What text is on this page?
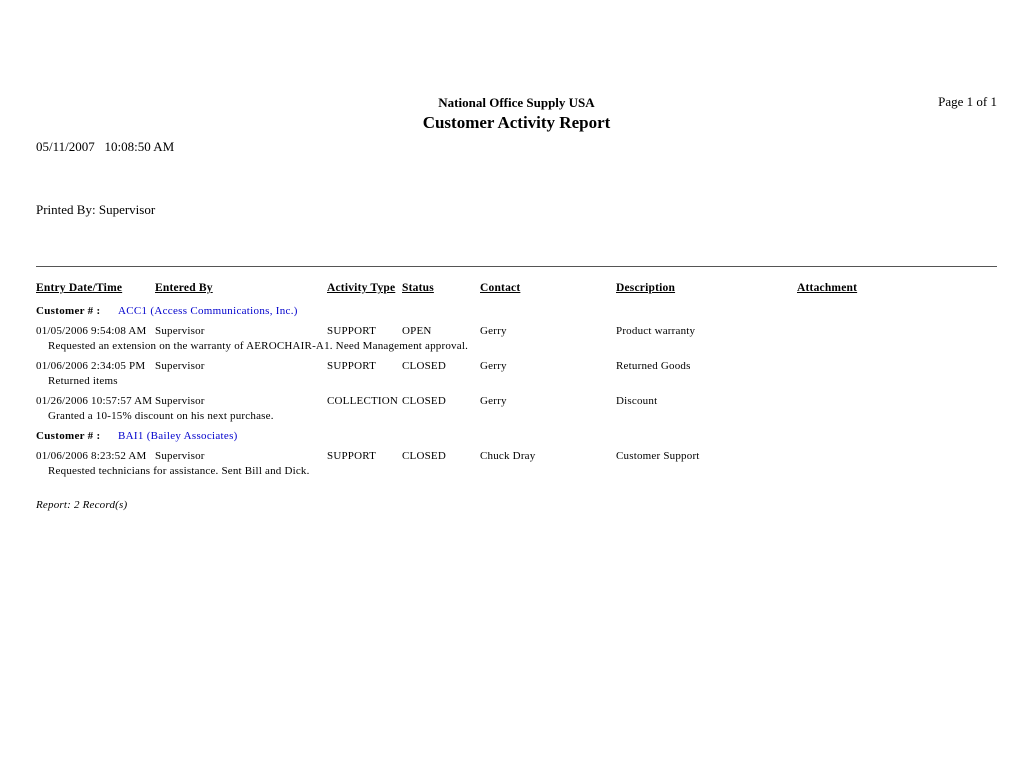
05/11/2007   10:08:50 AM

Printed By: Supervisor

National Office Supply USA
Customer Activity Report
Page 1 of 1
Entry Date/Time	Entered By	Activity Type Status	Contact	Description	Attachment
Customer # :	ACC1 (Access Communications, Inc.)
01/05/2006 9:54:08 AM Supervisor	SUPPORT	OPEN	Gerry	Product warranty
Requested an extension on the warranty of AEROCHAIR-A1. Need Management approval.
01/06/2006 2:34:05 PM Supervisor	SUPPORT	CLOSED	Gerry	Returned Goods
Returned items
01/26/2006 10:57:57 AM Supervisor	COLLECTION CLOSED	Gerry	Discount
Granted a 10-15% discount on his next purchase.
Customer # :	BAI1 (Bailey Associates)
01/06/2006 8:23:52 AM Supervisor	SUPPORT	CLOSED	Chuck Dray	Customer Support
Requested technicians for assistance. Sent Bill and Dick.
Report: 2 Record(s)
